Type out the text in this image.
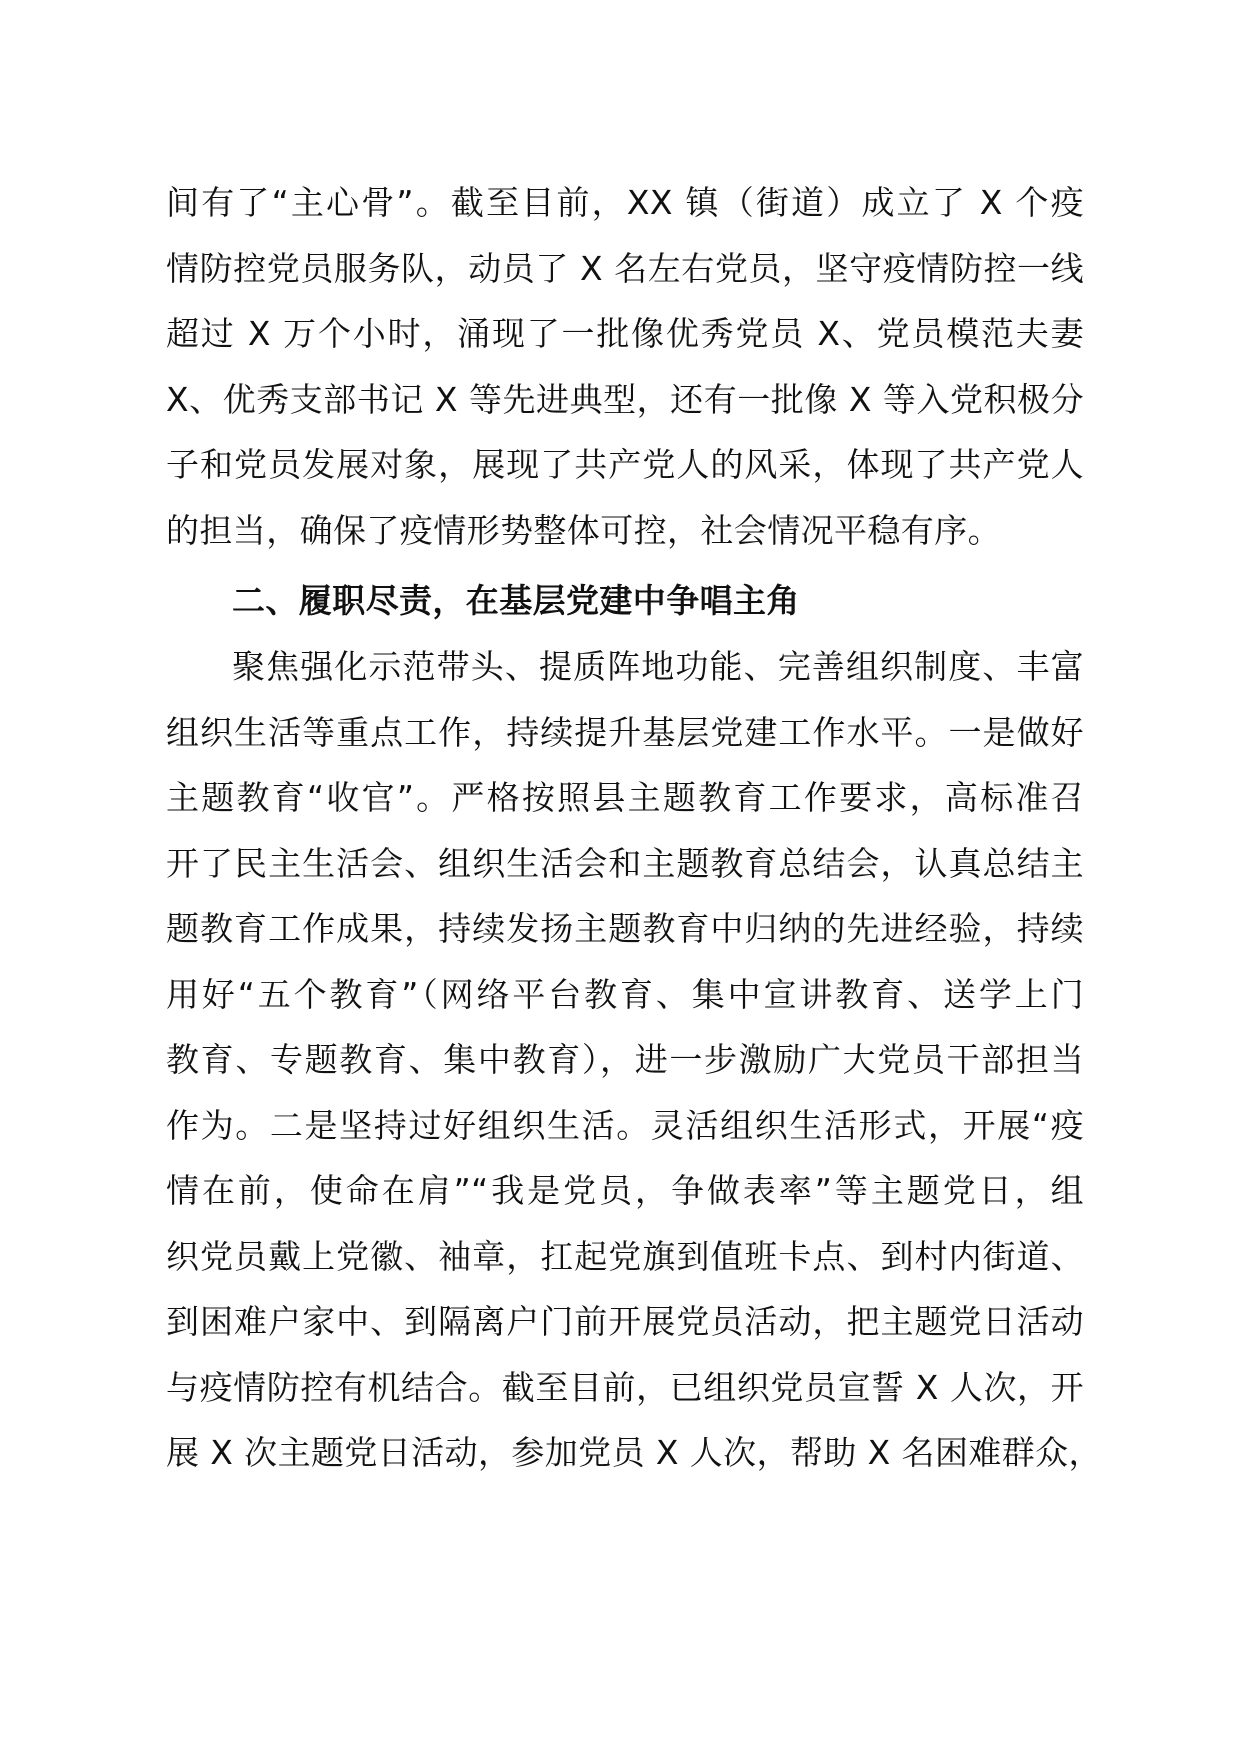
间有了“主心骨”。截至目前，XX 镇（街道）成立了 X 个疫
情防控党员服务队，动员了 X 名左右党员，坚守疫情防控一线
超过 X 万个小时，涌现了一批像优秀党员 X、党员模范夫妻
X、优秀支部书记 X 等先进典型，还有一批像 X 等入党积极分
子和党员发展对象，展现了共产党人的风采，体现了共产党人
的担当，确保了疫情形势整体可控，社会情况平稳有序。
二、履职尽责，在基层党建中争唱主角
聚焦强化示范带头、提质阵地功能、完善组织制度、丰富
组织生活等重点工作，持续提升基层党建工作水平。一是做好
主题教育“收官”。严格按照县主题教育工作要求，高标准召
开了民主生活会、组织生活会和主题教育总结会，认真总结主
题教育工作成果，持续发扬主题教育中归纳的先进经验，持续
用好“五个教育”（网络平台教育、集中宣讲教育、送学上门
教育、专题教育、集中教育），进一步激励广大党员干部担当
作为。二是坚持过好组织生活。灵活组织生活形式，开展“疫
情在前，使命在肩”“我是党员，争做表率”等主题党日，组
织党员戴上党徽、袖章，扛起党旗到值班卡点、到村内街道、
到困难户家中、到隔离户门前开展党员活动，把主题党日活动
与疫情防控有机结合。截至目前，已组织党员宣誓 X 人次，开
展 X 次主题党日活动，参加党员 X 人次，帮助 X 名困难群众，
